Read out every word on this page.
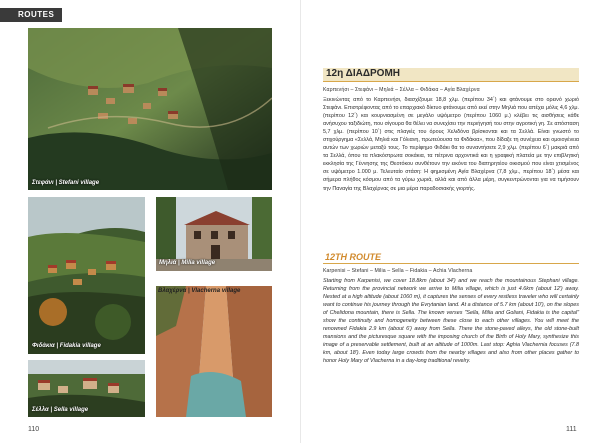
ROUTES
Στεφάνι | Stefani village
Φιδάκια | Fidakia village
Σέλλα | Sella village
Μηλιά | Milia village
Βλαχέρνα | Vlacherna village
110
12η ΔΙΑΔΡΟΜΗ
Καρπενήσι – Στεφάνι – Μηλιά – Σέλλα – Φιδάκια – Αγία Βλαχέρνα
Ξεκινώντας από το Καρπενήσι, διασχίζουμε 18,8 χλμ. (περίπου 34΄) και φτάνουμε στο ορεινό χωριό Στεφάνι. Επιστρέφοντας από το επαρχιακό δίκτυο φτάνουμε από εκεί στην Μηλιά που απέχει μόλις 4,6 χλμ. (περίπου 12΄) και κουρνιασμένη σε μεγάλο υψόμετρο (περίπου 1060 μ.) κλέβει τις αισθήσεις κάθε ανήσυχου ταξιδιώτη, που σίγουρα θα θέλει να συνεχίσει την περιήγησή του στην αγροτική γη. Σε απόσταση 5,7 χλμ. (περίπου 10΄) στις πλαγιές του όρους Χελιδόνα βρίσκονται και τα Σελλά. Είναι γνωστό το στιχούργημα «Σελλά, Μηλιά και Γόλιανη, πρωτεύουσα τα Φιδάκια», που δίδαξε τη συνέχεια και ομοιογένεια αυτών των χωριών μεταξύ τους. Το περίφημο Φιδάκι θα το συναντήσετε 2,9 χλμ. (περίπου 6΄) μακριά από τα Σελλά, όπου τα πλακόστρωτα σοκάκια, τα πέτρινα αρχοντικά και η γραφική πλατεία με την επιβλητική εκκλησία της Γέννησης της Θεοτόκου συνθέτουν την εικόνα του διατηρητέου οικισμού που είναι χτισμένος σε υψόμετρο 1.000 μ. Τελευταίο στάση: Η φημισμένη Αγία Βλαχέρνα (7,8 χλμ., περίπου 18΄) μέσα και σήμερα πλήθος κόσμου από τα γύρω χωριά, αλλά και από άλλα μέρη, συγκεντρώνονται για να τιμήσουν την Παναγία της Βλαχέρνας σε μια μέρα παραδοσιακής γιορτής.
12TH ROUTE
Karpenisi – Stefani – Milia – Sella – Fidakia – Achia Vlacherna
Starting from Karpenisi, we cover 18.8km (about 34') and we reach the mountainous Stephani village. Returning from the provincial network we arrive to Milia village, which is just 4.6km (about 12') away. Nested at a high altitude (about 1060 m), it captures the senses of every restless traveler who will certainly want to continue his journey through the Evrytanian land. At a distance of 5.7 km (about 10'), on the slopes of Chelidona mountain, there is Sella. The known verses "Sella, Milia and Goliani, Fidakia is the capital" show the continuity and homogeneity between these close to each other villages. You will meet the renowned Fidakia 2.9 km (about 6') away from Sella. There the stone-paved alleys, the old stone-built mansions and the picturesque square with the imposing church of the Birth of Holy Mary, synthesize this image of a preservable settlement, built at an altitude of 1000m. Last stop: Aghia Vlachernia focuses (7.8 km, about 18'). Even today large crowds from the nearby villages and also from other places gather to honor Holy Mary of Vlacherna in a day-long traditional revelry.
111
